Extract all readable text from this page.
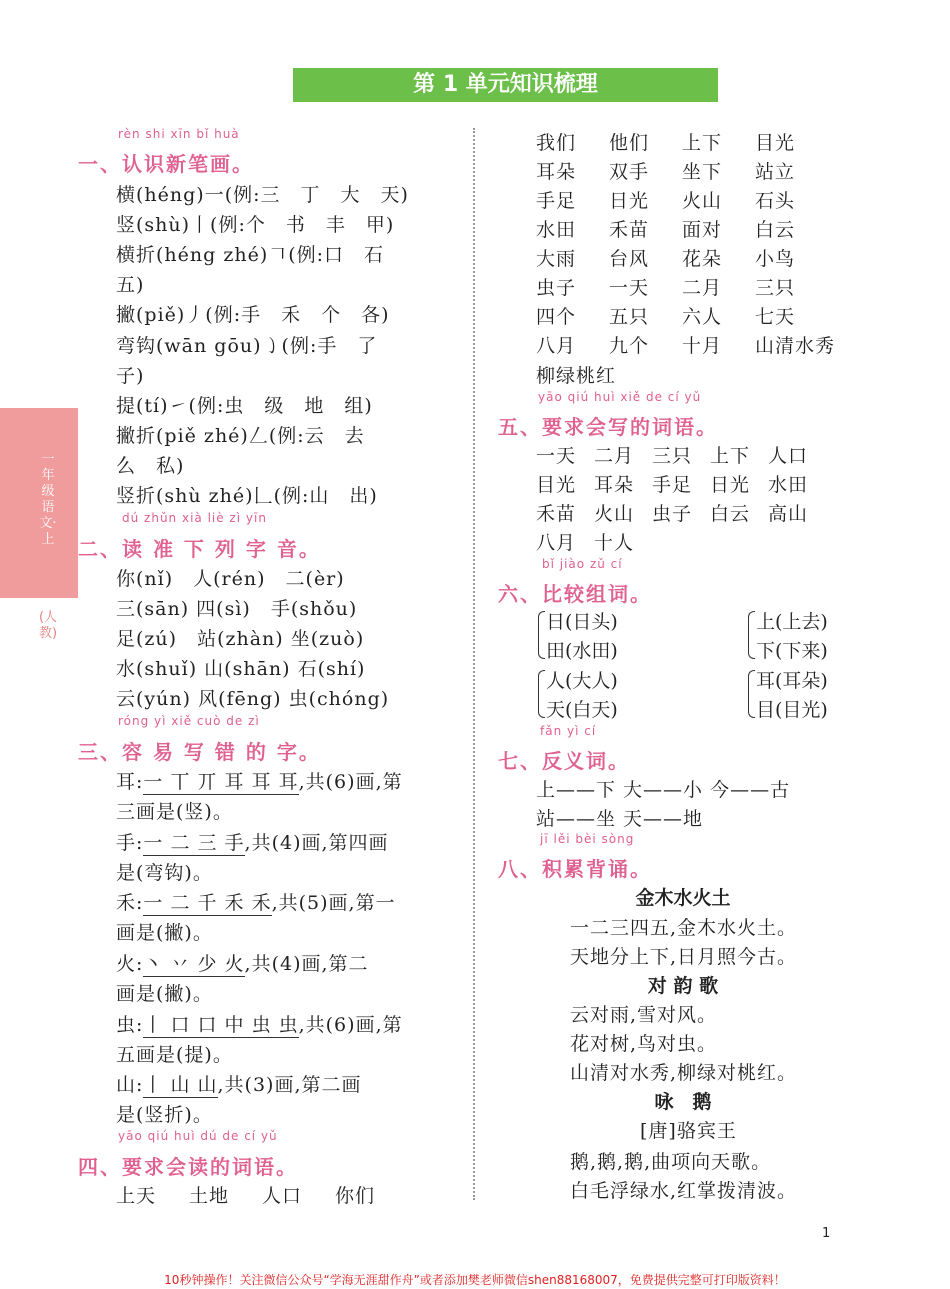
第 1 单元知识梳理
一年级语文·上
(人教)
rèn shi xīn bǐ huà
一、认识新笔画。
横(héng)一(例:三　丁　大　天)
竖(shù)丨(例:个　书　丰　甲)
横折(héng zhé)𠃍(例:口　石
五)
撇(piě)丿(例:手　禾　个　各)
弯钩(wān gōu)㇁(例:手　了
子)
提(tí)㇀(例:虫　级　地　组)
撇折(piě zhé)𠃋(例:云　去
么　私)
竖折(shù zhé)𠃊(例:山　出)
dú zhǔn xià liè zì yīn
二、读 准 下 列 字 音。
你(nǐ)　人(rén)　二(èr)
三(sān) 四(sì)　手(shǒu)
足(zú)　站(zhàn) 坐(zuò)
水(shuǐ) 山(shān) 石(shí)
云(yún) 风(fēng) 虫(chóng)
róng yì xiě cuò de zì
三、容 易 写 错 的 字。
耳:一 丅 丌 耳 耳 耳,共(6)画,第
三画是(竖)。
手:一 二 三 手,共(4)画,第四画
是(弯钩)。
禾:一 二 千 禾 禾,共(5)画,第一
画是(撇)。
火:丶 丷 少 火,共(4)画,第二
画是(撇)。
虫:丨 口 口 中 虫 虫,共(6)画,第
五画是(提)。
山:丨 山 山,共(3)画,第二画
是(竖折)。
yāo qiú huì dú de cí yǔ
四、要求会读的词语。
上天 土地 人口 你们
我们 他们 上下 目光
耳朵 双手 坐下 站立
手足 日光 火山 石头
水田 禾苗 面对 白云
大雨 台风 花朵 小鸟
虫子 一天 二月 三只
四个 五只 六人 七天
八月 九个 十月 山清水秀
柳绿桃红
yāo qiú huì xiě de cí yǔ
五、要求会写的词语。
一天 二月 三只 上下 人口
目光 耳朵 手足 日光 水田
禾苗 火山 虫子 白云 高山
八月 十人
bǐ jiào zǔ cí
六、比较组词。
日(日头)
田(水田)
上(上去)
下(下来)
人(大人)
天(白天)
耳(耳朵)
目(目光)
fǎn yì cí
七、反义词。
上——下 大——小 今——古
站——坐 天——地
jī lěi bèi sòng
八、积累背诵。
金木水火土
一二三四五,金木水火土。
天地分上下,日月照今古。
对 韵 歌
云对雨,雪对风。
花对树,鸟对虫。
山清对水秀,柳绿对桃红。
咏　鹅
[唐]骆宾王
鹅,鹅,鹅,曲项向天歌。
白毛浮绿水,红掌拨清波。
1
10秒钟操作！关注微信公众号“学海无涯甜作舟”或者添加樊老师微信shen88168007，免费提供完整可打印版资料！
